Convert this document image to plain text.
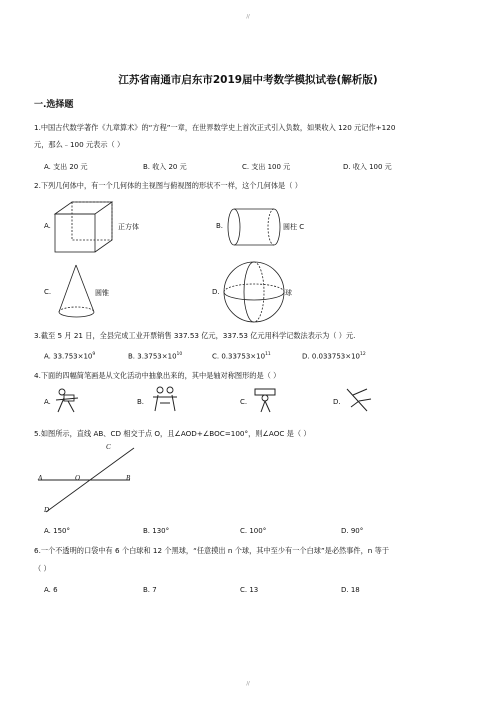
//
//
江苏省南通市启东市2019届中考数学模拟试卷(解析版)
一.选择题
1.中国古代数学著作《九章算术》的“方程”一章，在世界数学史上首次正式引入负数，如果收入 120 元记作+120
元，那么﹣100 元表示（ ）
A. 支出 20 元	B. 收入 20 元	C. 支出 100 元	D. 收入 100 元
2.下列几何体中，有一个几何体的主视图与俯视图的形状不一样，这个几何体是（ ）
A.	正方体	B.	圆柱 C
C.	圆锥	D.	球
3.截至 5 月 21 日，全县完成工业开票销售 337.53 亿元，337.53 亿元用科学记数法表示为（ ）元.
A. $33.753\times 10^9$	B. $3.3753\times 10^{10}$	C. $0.33753\times 10^{11}$	D. $0.033753\times 10^{12}$
4.下面的四幅简笔画是从文化活动中抽象出来的，其中是轴对称图形的是（ ）
A.	B.	C.	D.
5.如图所示，直线 AB、CD 相交于点 O，且∠AOD+∠BOC=100°，则∠AOC 是（ ）
A	O	B
C
D
A. 150°	B. 130°	C. 100°	D. 90°
6.一个不透明的口袋中有 6 个白球和 12 个黑球，“任意摸出 n 个球，其中至少有一个白球”是必然事件，n 等于
（ ）
A. 6	B. 7	C. 13	D. 18
